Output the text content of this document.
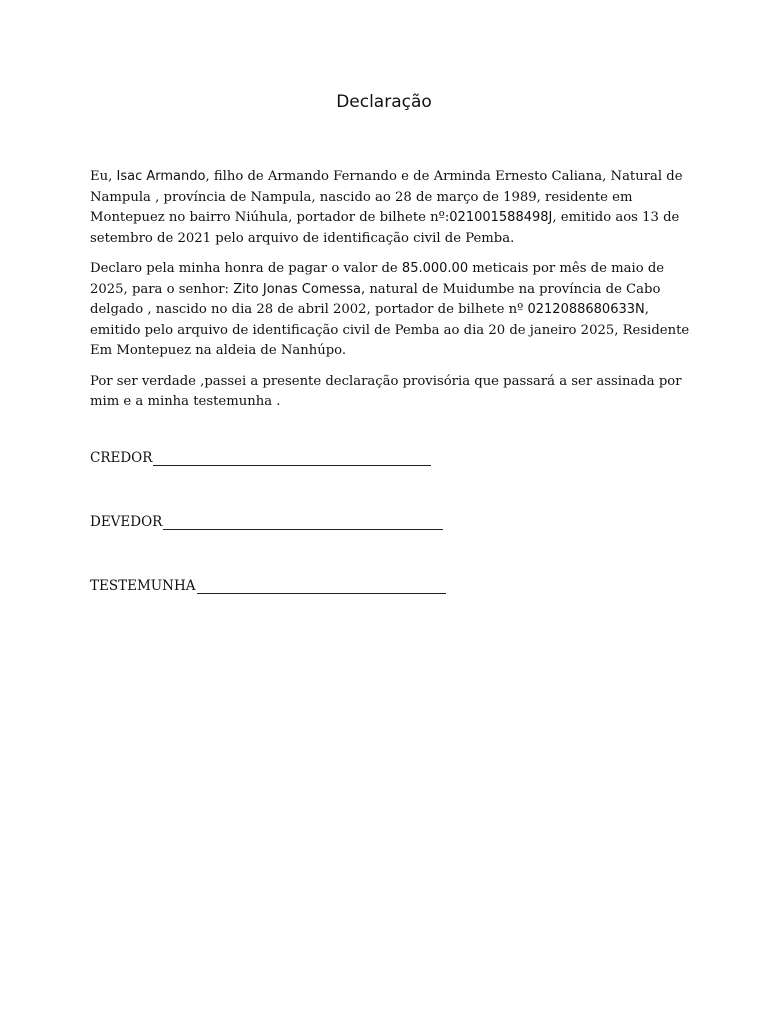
Declaração

Eu, Isac Armando, filho de Armando Fernando e de Arminda Ernesto Caliana, Natural de Nampula , província de Nampula, nascido ao 28 de março de 1989, residente em Montepuez no bairro Niúhula, portador de bilhete nº:021001588498J, emitido aos 13 de setembro de 2021 pelo arquivo de identificação civil de Pemba.

Declaro pela minha honra de pagar o valor de 85.000.00 meticais por mês de maio de 2025, para o senhor: Zito Jonas Comessa, natural de Muidumbe na província de Cabo delgado , nascido no dia 28 de abril 2002, portador de bilhete nº 0212088680633N, emitido pelo arquivo de identificação civil de Pemba ao dia 20 de janeiro 2025, Residente Em Montepuez na aldeia de Nanhúpo.

Por ser verdade ,passei a presente declaração provisória que passará a ser assinada por mim e a minha testemunha .

CREDOR
DEVEDOR
TESTEMUNHA
